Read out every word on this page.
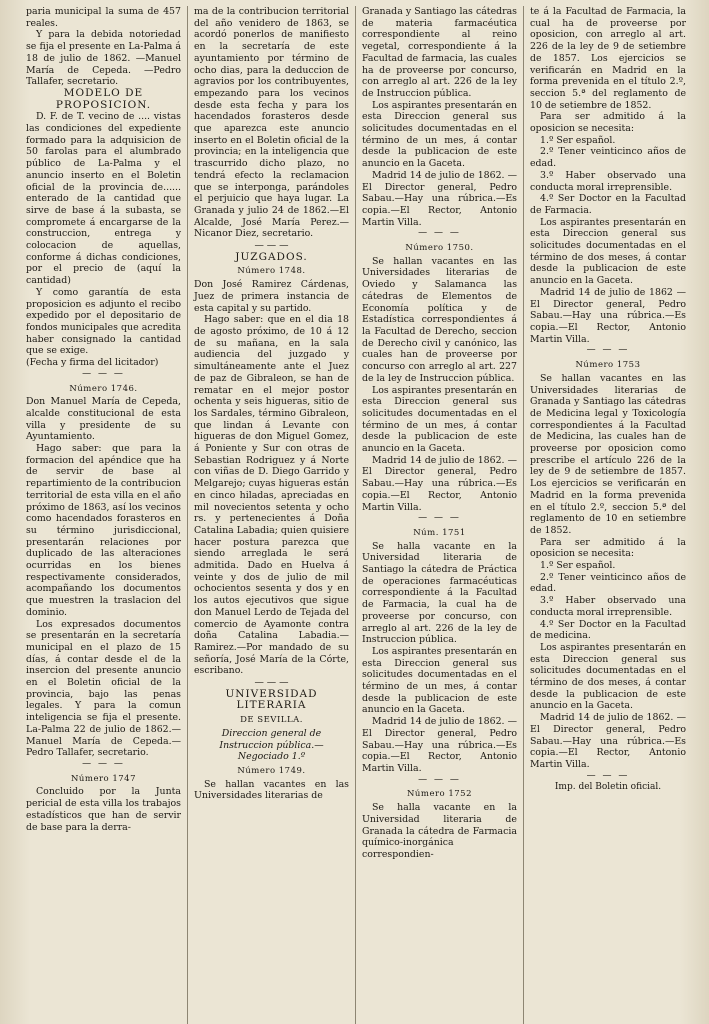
paria municipal la suma de 457 reales.

Y para la debida notoriedad se fija el presente en La-Palma á 18 de julio de 1862. —Manuel María de Cepeda. —Pedro Tallafer, secretario.

MODELO DE PROPOSICION.

D. F. de T. vecino de .... vistas las condiciones del expediente formado para la adquisicion de 50 farolas para el alumbrado público de La-Palma y el anuncio inserto en el Boletin oficial de la provincia de...... enterado de la cantidad que sirve de base á la subasta, se compromete á encargarse de la construccion, entrega y colocacion de aquellas, conforme á dichas condiciones, por el precio de (aquí la cantidad)

Y como garantía de esta proposicion es adjunto el recibo expedido por el depositario de fondos municipales que acredita haber consignado la cantidad que se exige.

(Fecha y firma del licitador)

— — —

Número 1746.

Don Manuel María de Cepeda, alcalde constitucional de esta villa y presidente de su Ayuntamiento.

Hago saber: que para la formacion del apéndice que ha de servir de base al repartimiento de la contribucion territorial de esta villa en el año próximo de 1863, así los vecinos como hacendados forasteros en su término jurisdiccional, presentarán relaciones por duplicado de las alteraciones ocurridas en los bienes respectivamente considerados, acompañando los documentos que muestren la traslacion del dominio.

Los expresados documentos se presentarán en la secretaría municipal en el plazo de 15 días, á contar desde el de la insercion del presente anuncio en el Boletin oficial de la provincia, bajo las penas legales. Y para la comun inteligencia se fija el presente. La-Palma 22 de julio de 1862.—Manuel María de Cepeda.—Pedro Tallafer, secretario.

— — —

Número 1747

Concluido por la Junta pericial de esta villa los trabajos estadísticos que han de servir de base para la derra-

ma de la contribucion territorial del año venidero de 1863, se acordó ponerlos de manifiesto en la secretaría de este ayuntamiento por término de ocho dias, para la deduccion de agravios por los contribuyentes, empezando para los vecinos desde esta fecha y para los hacendados forasteros desde que aparezca este anuncio inserto en el Boletin oficial de la provincia; en la inteligencia que trascurrido dicho plazo, no tendrá efecto la reclamacion que se interponga, parándoles el perjuicio que haya lugar. La Granada y julio 24 de 1862.—El Alcalde, José María Perez.—Nicanor Diez, secretario.

— — —

JUZGADOS.

Número 1748.

Don José Ramirez Cárdenas, Juez de primera instancia de esta capital y su partido.

Hago saber: que en el dia 18 de agosto próximo, de 10 á 12 de su mañana, en la sala audiencia del juzgado y simultáneamente ante el Juez de paz de Gibraleon, se han de rematar en el mejor postor ochenta y seis higueras, sitio de los Sardales, término Gibraleon, que lindan á Levante con higueras de don Miguel Gomez, á Poniente y Sur con otras de Sebastian Rodriguez y á Norte con viñas de D. Diego Garrido y Melgarejo; cuyas higueras están en cinco hiladas, apreciadas en mil novecientos setenta y ocho rs. y pertenecientes á Doña Catalina Labadia; quien quisiere hacer postura parezca que siendo arreglada le será admitida. Dado en Huelva á veinte y dos de julio de mil ochocientos sesenta y dos y en los autos ejecutivos que sigue don Manuel Lerdo de Tejada del comercio de Ayamonte contra doña Catalina Labadia.—Ramirez.—Por mandado de su señoría, José María de la Córte, escribano.

— — —

UNIVERSIDAD LITERARIA

DE SEVILLA.

Direccion general de Instruccion pública.—Negociado 1.º

Número 1749.

Se hallan vacantes en las Universidades literarias de

Granada y Santiago las cátedras de materia farmacéutica correspondiente al reino vegetal, correspondiente á la Facultad de farmacia, las cuales ha de proveerse por concurso, con arreglo al art. 226 de la ley de Instruccion pública.

Los aspirantes presentarán en esta Direccion general sus solicitudes documentadas en el término de un mes, á contar desde la publicacion de este anuncio en la Gaceta.

Madrid 14 de julio de 1862. —El Director general, Pedro Sabau.—Hay una rúbrica.—Es copia.—El Rector, Antonio Martin Villa.

— — —

Número 1750.

Se hallan vacantes en las Universidades literarias de Oviedo y Salamanca las cátedras de Elementos de Economía política y de Estadística correspondientes á la Facultad de Derecho, seccion de Derecho civil y canónico, las cuales han de proveerse por concurso con arreglo al art. 227 de la ley de Instruccion pública.

Los aspirantes presentarán en esta Direccion general sus solicitudes documentadas en el término de un mes, á contar desde la publicacion de este anuncio en la Gaceta.

Madrid 14 de julio de 1862. —El Director general, Pedro Sabau.—Hay una rúbrica.—Es copia.—El Rector, Antonio Martin Villa.

— — —

Núm. 1751

Se halla vacante en la Universidad literaria de Santiago la cátedra de Práctica de operaciones farmacéuticas correspondiente á la Facultad de Farmacia, la cual ha de proveerse por concurso, con arreglo al art. 226 de la ley de Instruccion pública.

Los aspirantes presentarán en esta Direccion general sus solicitudes documentadas en el término de un mes, á contar desde la publicacion de este anuncio en la Gaceta.

Madrid 14 de julio de 1862. —El Director general, Pedro Sabau.—Hay una rúbrica.—Es copia.—El Rector, Antonio Martin Villa.

— — —

Número 1752

Se halla vacante en la Universidad literaria de Granada la cátedra de Farmacia químico-inorgánica correspondien-

te á la Facultad de Farmacia, la cual ha de proveerse por oposicion, con arreglo al art. 226 de la ley de 9 de setiembre de 1857. Los ejercicios se verificarán en Madrid en la forma prevenida en el título 2.º, seccion 5.ª del reglamento de 10 de setiembre de 1852.

Para ser admitido á la oposicion se necesita:

1.º Ser español.

2.º Tener veinticinco años de edad.

3.º Haber observado una conducta moral irreprensible.

4.º Ser Doctor en la Facultad de Farmacia.

Los aspirantes presentarán en esta Direccion general sus solicitudes documentadas en el término de dos meses, á contar desde la publicacion de este anuncio en la Gaceta.

Madrid 14 de julio de 1862 —El Director general, Pedro Sabau.—Hay una rúbrica.—Es copia.—El Rector, Antonio Martin Villa.

— — —

Número 1753

Se hallan vacantes en las Universidades literarias de Granada y Santiago las cátedras de Medicina legal y Toxicología correspondientes á la Facultad de Medicina, las cuales han de proveerse por oposicion como prescribe el artículo 226 de la ley de 9 de setiembre de 1857. Los ejercicios se verificarán en Madrid en la forma prevenida en el título 2.º, seccion 5.ª del reglamento de 10 en setiembre de 1852.

Para ser admitido á la oposicion se necesita:

1.º Ser español.

2.º Tener veinticinco años de edad.

3.º Haber observado una conducta moral irreprensible.

4.º Ser Doctor en la Facultad de medicina.

Los aspirantes presentarán en esta Direccion general sus solicitudes documentadas en el término de dos meses, á contar desde la publicacion de este anuncio en la Gaceta.

Madrid 14 de julio de 1862. —El Director general, Pedro Sabau.—Hay una rúbrica.—Es copia.—El Rector, Antonio Martin Villa.

— — —

Imp. del Boletin oficial.
